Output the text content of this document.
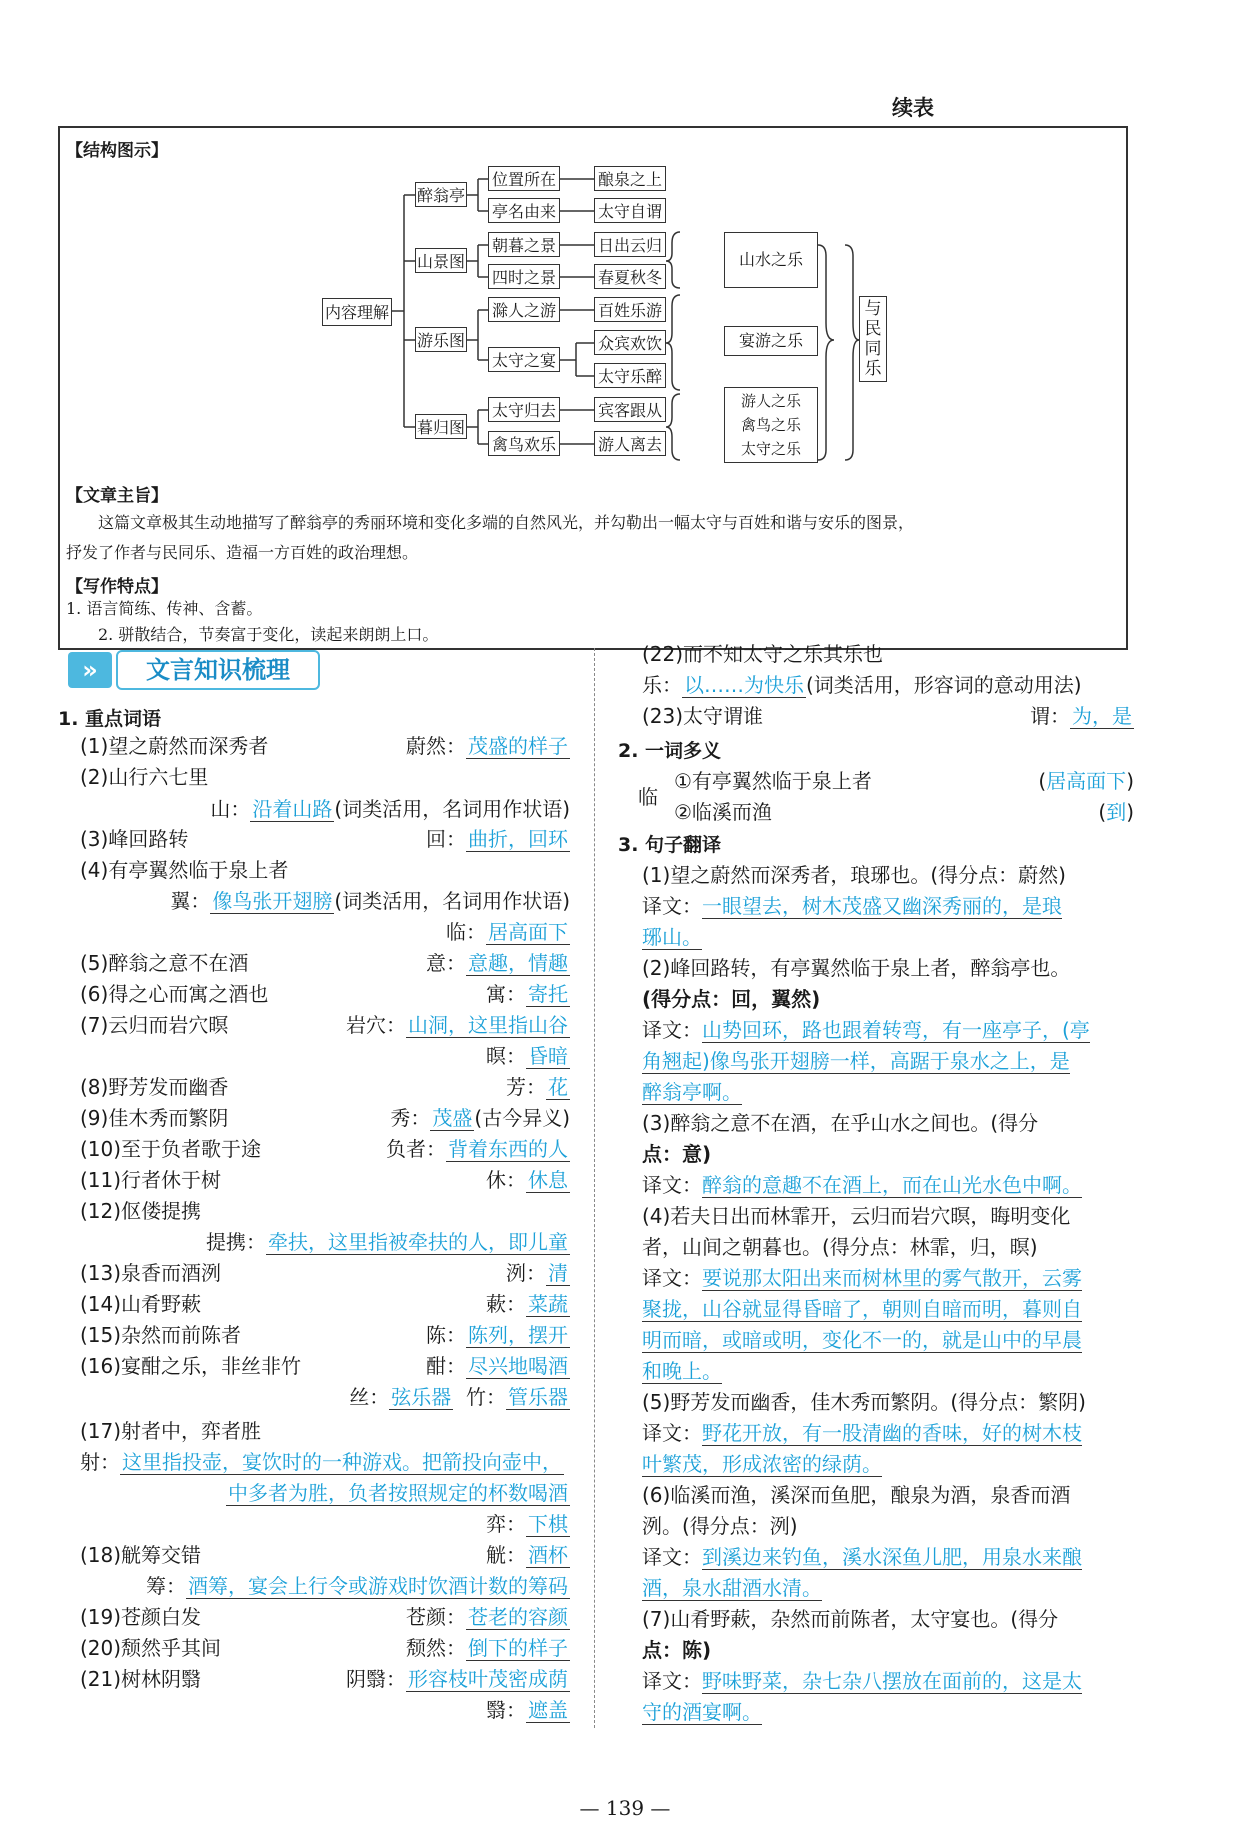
续表
【结构图示】
内容理解
醉翁亭
山景图
游乐图
暮归图
位置所在
亭名由来
朝暮之景
四时之景
滁人之游
太守之宴
太守归去
禽鸟欢乐
酿泉之上
太守自谓
日出云归
春夏秋冬
百姓乐游
众宾欢饮
太守乐醉
宾客跟从
游人离去
山水之乐
宴游之乐
游人之乐
禽鸟之乐
太守之乐
与民同乐
【文章主旨】
这篇文章极其生动地描写了醉翁亭的秀丽环境和变化多端的自然风光，并勾勒出一幅太守与百姓和谐与安乐的图景，
抒发了作者与民同乐、造福一方百姓的政治理想。
【写作特点】
1. 语言简练、传神、含蓄。
2. 骈散结合，节奏富于变化，读起来朗朗上口。
»	文言知识梳理
1. 重点词语
(1)望之蔚然而深秀者	蔚然： 茂盛的样子
(2)山行六七里
山： 沿着山路 (词类活用，名词用作状语)
(3)峰回路转	回： 曲折，回环
(4)有亭翼然临于泉上者
翼： 像鸟张开翅膀 (词类活用，名词用作状语)
临： 居高面下
(5)醉翁之意不在酒	意： 意趣，情趣
(6)得之心而寓之酒也	寓： 寄托
(7)云归而岩穴暝	岩穴： 山洞，这里指山谷
暝： 昏暗
(8)野芳发而幽香	芳： 花
(9)佳木秀而繁阴	秀： 茂盛 (古今异义)
(10)至于负者歌于途	负者： 背着东西的人
(11)行者休于树	休： 休息
(12)伛偻提携
提携： 牵扶，这里指被牵扶的人，即儿童
(13)泉香而酒洌	洌： 清
(14)山肴野蔌	蔌： 菜蔬
(15)杂然而前陈者	陈： 陈列，摆开
(16)宴酣之乐，非丝非竹	酣： 尽兴地喝酒
丝： 弦乐器 竹： 管乐器
(17)射者中，弈者胜
射： 这里指投壶，宴饮时的一种游戏。把箭投向壶中，
中多者为胜，负者按照规定的杯数喝酒
弈： 下棋
(18)觥筹交错	觥： 酒杯
筹： 酒筹，宴会上行令或游戏时饮酒计数的筹码
(19)苍颜白发	苍颜： 苍老的容颜
(20)颓然乎其间	颓然： 倒下的样子
(21)树林阴翳	阴翳： 形容枝叶茂密成荫
翳： 遮盖
(22)而不知太守之乐其乐也
乐： 以……为快乐 (词类活用，形容词的意动用法)
(23)太守谓谁	谓： 为，是
2. 一词多义
临
①有亭翼然临于泉上者	(居高面下)
②临溪而渔	(到)
3. 句子翻译
(1)望之蔚然而深秀者，琅琊也。(得分点：蔚然)
译文：一眼望去，树木茂盛又幽深秀丽的，是琅
琊山。
(2)峰回路转，有亭翼然临于泉上者，醉翁亭也。
(得分点：回，翼然)
译文：山势回环，路也跟着转弯，有一座亭子，(亭
角翘起)像鸟张开翅膀一样，高踞于泉水之上，是
醉翁亭啊。
(3)醉翁之意不在酒，在乎山水之间也。(得分
点：意)
译文：醉翁的意趣不在酒上，而在山光水色中啊。
(4)若夫日出而林霏开，云归而岩穴暝，晦明变化
者，山间之朝暮也。(得分点：林霏，归，暝)
译文：要说那太阳出来而树林里的雾气散开，云雾
聚拢，山谷就显得昏暗了，朝则自暗而明，暮则自
明而暗，或暗或明，变化不一的，就是山中的早晨
和晚上。
(5)野芳发而幽香，佳木秀而繁阴。(得分点：繁阴)
译文：野花开放，有一股清幽的香味，好的树木枝
叶繁茂，形成浓密的绿荫。
(6)临溪而渔，溪深而鱼肥，酿泉为酒，泉香而酒
洌。(得分点：洌)
译文：到溪边来钓鱼，溪水深鱼儿肥，用泉水来酿
酒，泉水甜酒水清。
(7)山肴野蔌，杂然而前陈者，太守宴也。(得分
点：陈)
译文：野味野菜，杂七杂八摆放在面前的，这是太
守的酒宴啊。
— 139 —
